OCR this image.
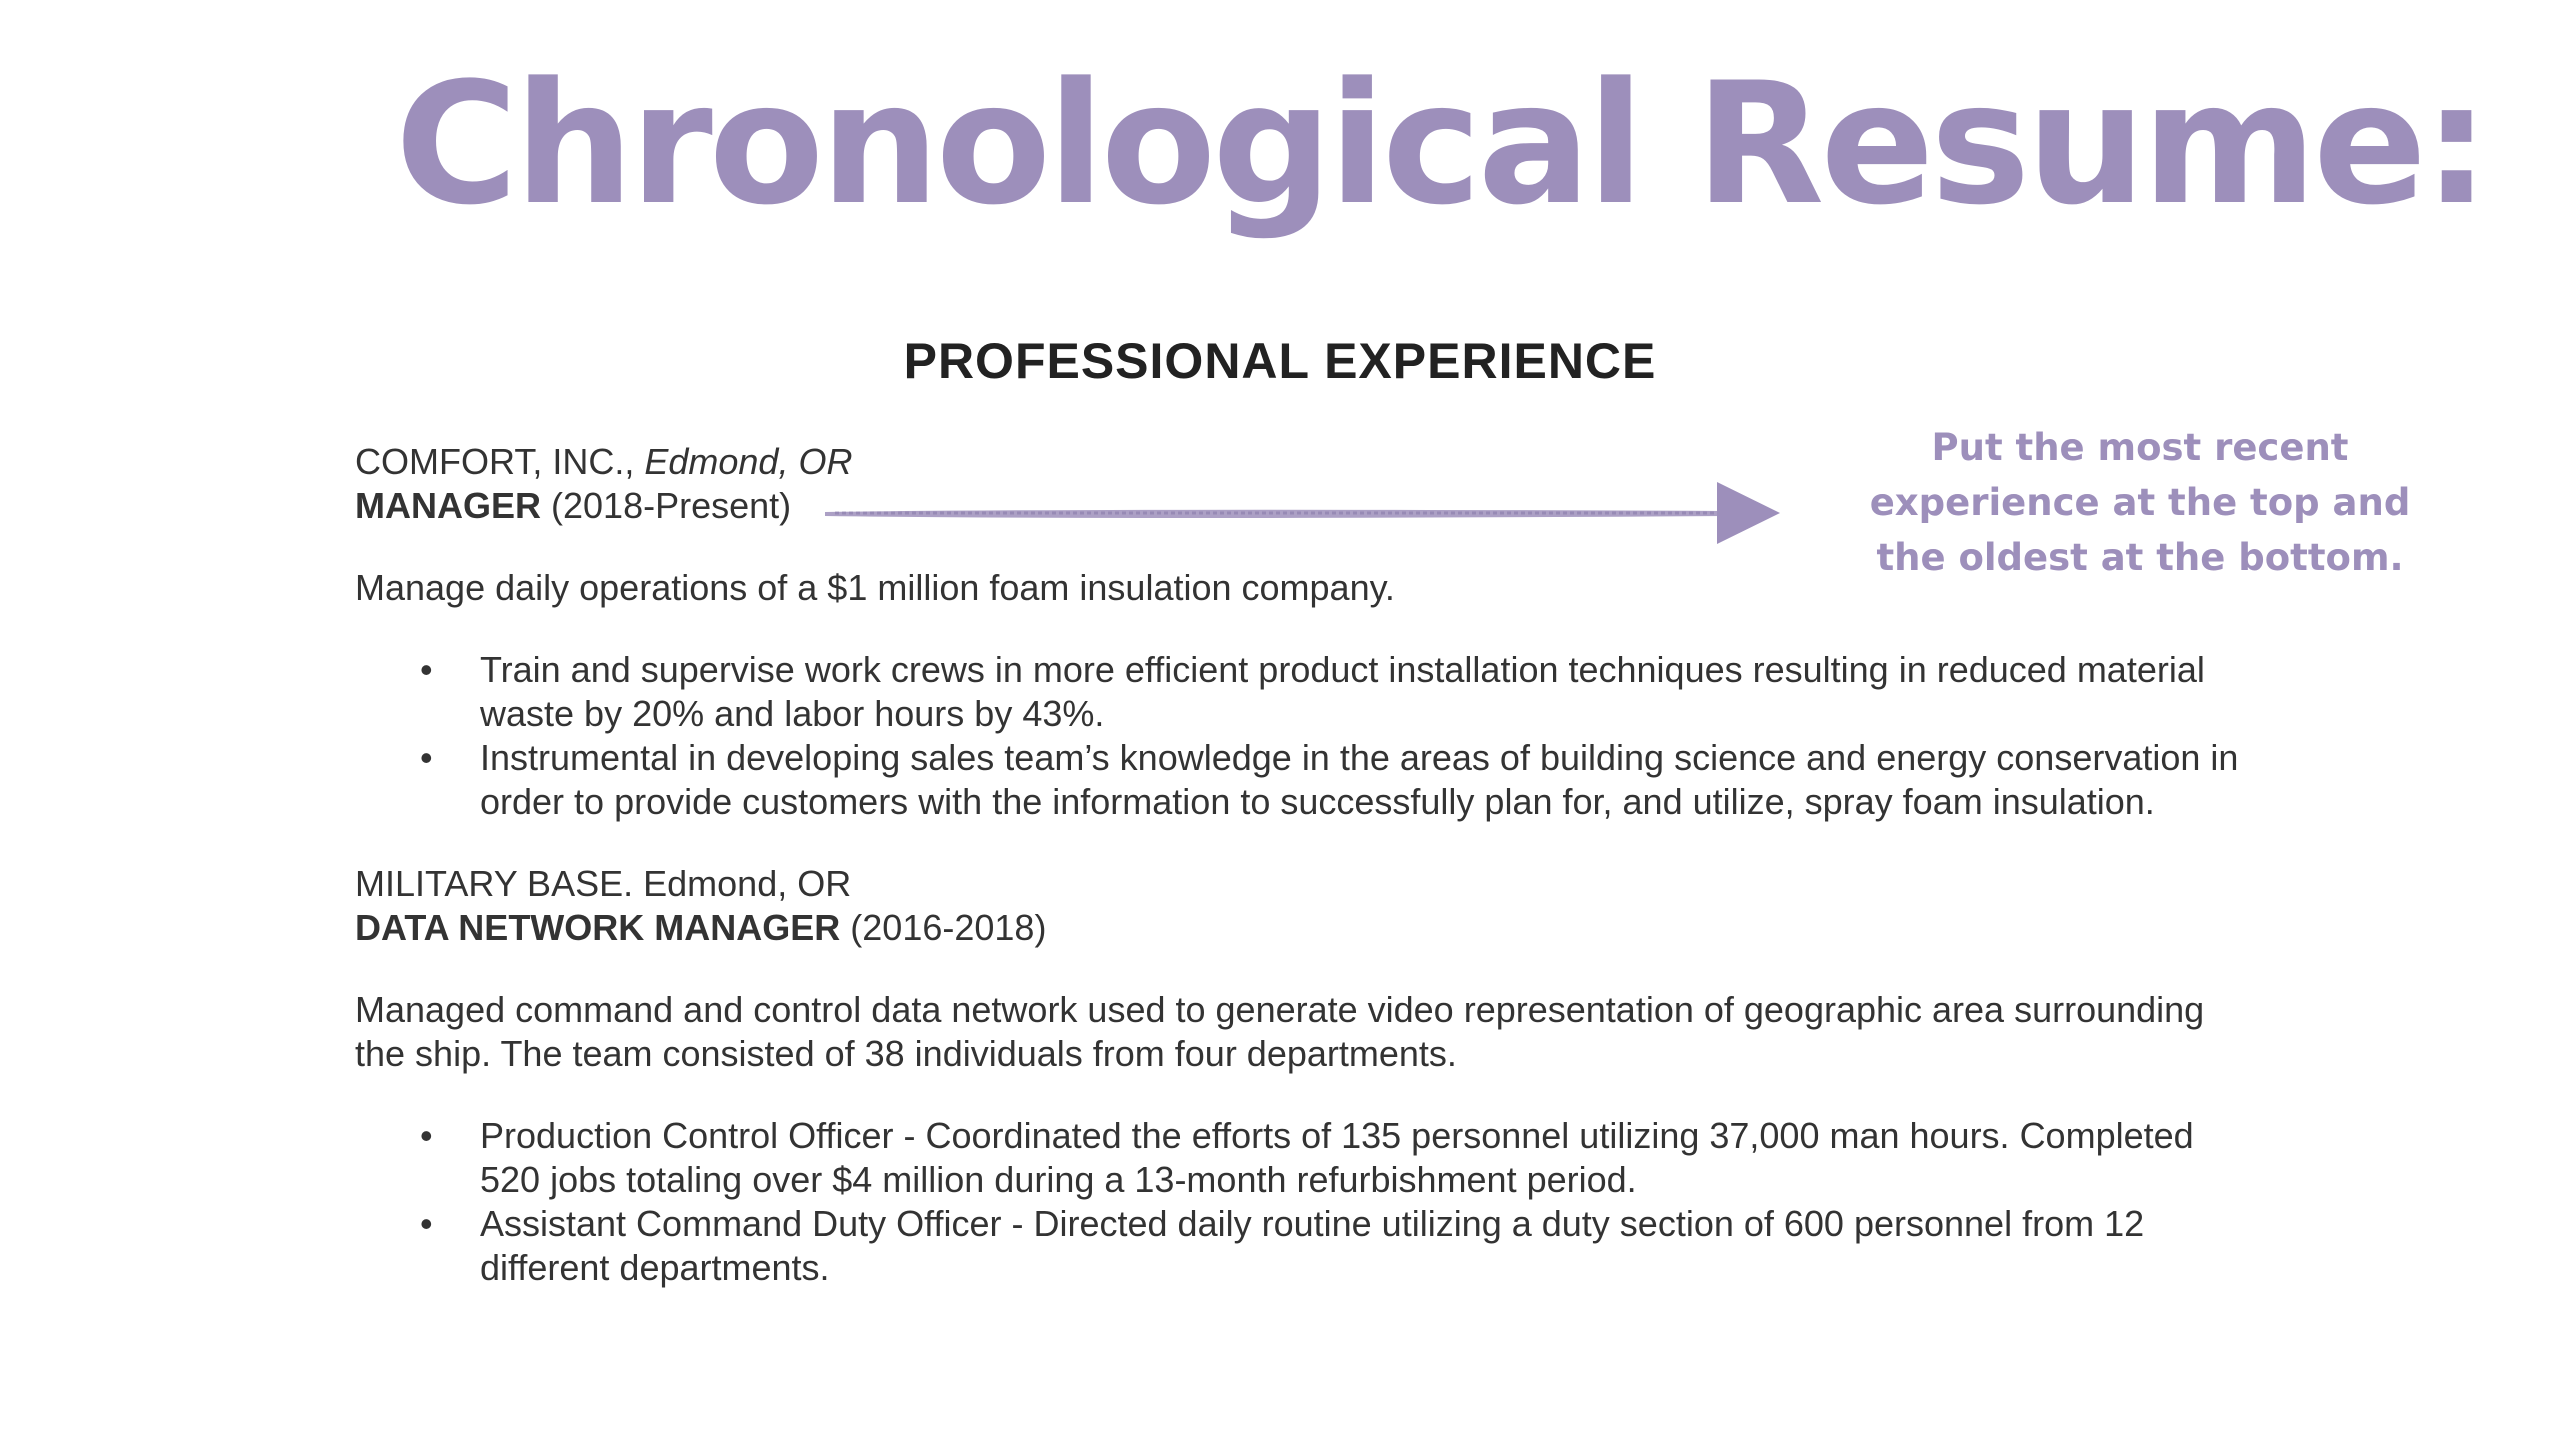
Chronological Resume:
PROFESSIONAL EXPERIENCE

Put the most recent experience at the top and the oldest at the bottom.

COMFORT, INC., Edmond, OR

MANAGER (2018-Present)

Manage daily operations of a $1 million foam insulation company.

• Train and supervise work crews in more efficient product installation techniques resulting in reduced material waste by 20% and labor hours by 43%.
• Instrumental in developing sales team’s knowledge in the areas of building science and energy conservation in order to provide customers with the information to successfully plan for, and utilize, spray foam insulation.

MILITARY BASE. Edmond, OR

DATA NETWORK MANAGER (2016-2018)

Managed command and control data network used to generate video representation of geographic area surrounding the ship. The team consisted of 38 individuals from four departments.

• Production Control Officer - Coordinated the efforts of 135 personnel utilizing 37,000 man hours. Completed 520 jobs totaling over $4 million during a 13-month refurbishment period.
• Assistant Command Duty Officer - Directed daily routine utilizing a duty section of 600 personnel from 12 different departments.
